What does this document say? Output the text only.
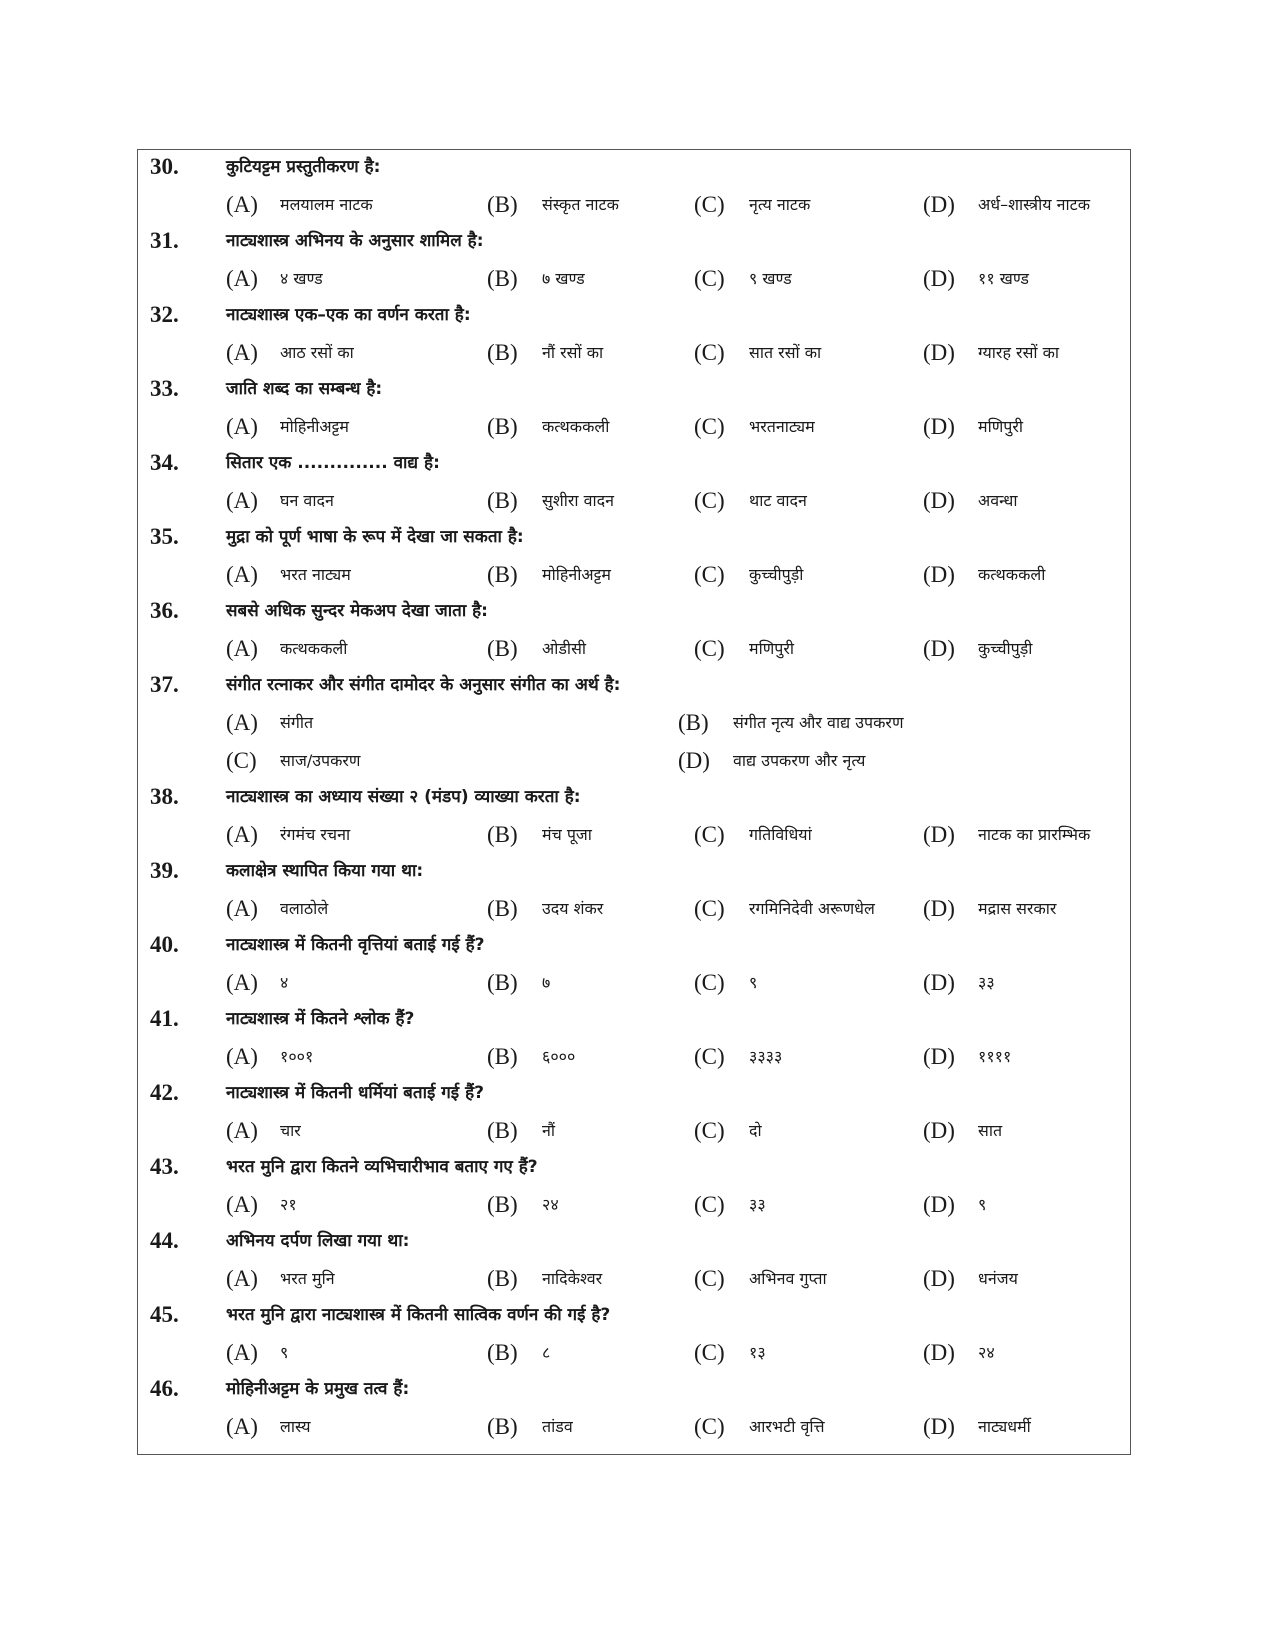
30.	कुटियट्टम प्रस्तुतीकरण है:
(A) मलयालम नाटक	(B) संस्कृत नाटक	(C) नृत्य नाटक	(D) अर्ध–शास्त्रीय नाटक
31.	नाट्यशास्त्र अभिनय के अनुसार शामिल है:
(A) ४ खण्ड	(B) ७ खण्ड	(C) ९ खण्ड	(D) ११ खण्ड
32.	नाट्यशास्त्र एक–एक का वर्णन करता है:
(A) आठ रसों का	(B) नौं रसों का	(C) सात रसों का	(D) ग्यारह रसों का
33.	जाति शब्द का सम्बन्ध है:
(A) मोहिनीअट्टम	(B) कत्थककली	(C) भरतनाट्यम	(D) मणिपुरी
34.	सितार एक .............. वाद्य है:
(A) घन वादन	(B) सुशीरा वादन	(C) थाट वादन	(D) अवन्धा
35.	मुद्रा को पूर्ण भाषा के रूप में देखा जा सकता है:
(A) भरत नाट्यम	(B) मोहिनीअट्टम	(C) कुच्चीपुड़ी	(D) कत्थककली
36.	सबसे अधिक सुन्दर मेकअप देखा जाता है:
(A) कत्थककली	(B) ओडीसी	(C) मणिपुरी	(D) कुच्चीपुड़ी
37.	संगीत रत्नाकर और संगीत दामोदर के अनुसार संगीत का अर्थ है:
(A) संगीत	(B) संगीत नृत्य और वाद्य उपकरण
(C) साज/उपकरण	(D) वाद्य उपकरण और नृत्य
38.	नाट्यशास्त्र का अध्याय संख्या २ (मंडप) व्याख्या करता है:
(A) रंगमंच रचना	(B) मंच पूजा	(C) गतिविधियां	(D) नाटक का प्रारम्भिक
39.	कलाक्षेत्र स्थापित किया गया था:
(A) वलाठोले	(B) उदय शंकर	(C) रगमिनिदेवी अरूणधेल (D) मद्रास सरकार
40.	नाट्यशास्त्र में कितनी वृत्तियां बताई गई हैं?
(A) ४	(B) ७	(C) ९	(D) ३३
41.	नाट्यशास्त्र में कितने श्लोक हैं?
(A) १००१	(B) ६०००	(C) ३३३३	(D) ११११
42.	नाट्यशास्त्र में कितनी धर्मियां बताई गई हैं?
(A) चार	(B) नौं	(C) दो	(D) सात
43.	भरत मुनि द्वारा कितने व्यभिचारीभाव बताए गए हैं?
(A) २१	(B) २४	(C) ३३	(D) ९
44.	अभिनय दर्पण लिखा गया था:
(A) भरत मुनि	(B) नादिकेश्वर	(C) अभिनव गुप्ता	(D) धनंजय
45.	भरत मुनि द्वारा नाट्यशास्त्र में कितनी सात्विक वर्णन की गई है?
(A) ९	(B) ८	(C) १३	(D) २४
46.	मोहिनीअट्टम के प्रमुख तत्व हैं:
(A) लास्य	(B) तांडव	(C) आरभटी वृत्ति	(D) नाट्यधर्मी
